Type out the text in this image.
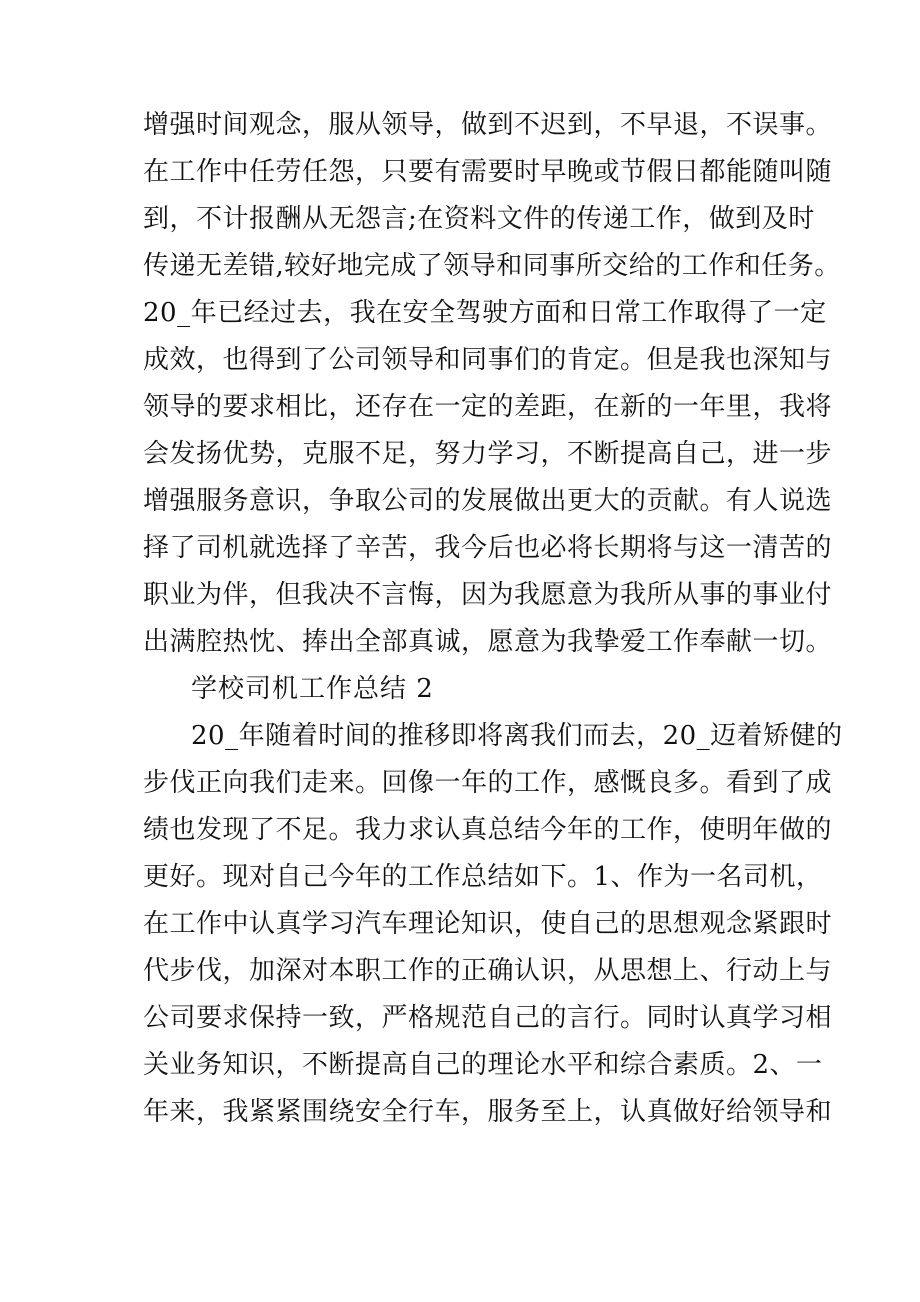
增强时间观念，服从领导，做到不迟到，不早退，不误事。
在工作中任劳任怨，只要有需要时早晚或节假日都能随叫随
到，不计报酬从无怨言;在资料文件的传递工作，做到及时
传递无差错,较好地完成了领导和同事所交给的工作和任务。
20_年已经过去，我在安全驾驶方面和日常工作取得了一定
成效，也得到了公司领导和同事们的肯定。但是我也深知与
领导的要求相比，还存在一定的差距，在新的一年里，我将
会发扬优势，克服不足，努力学习，不断提高自己，进一步
增强服务意识，争取公司的发展做出更大的贡献。有人说选
择了司机就选择了辛苦，我今后也必将长期将与这一清苦的
职业为伴，但我决不言悔，因为我愿意为我所从事的事业付
出满腔热忱、捧出全部真诚，愿意为我挚爱工作奉献一切。
学校司机工作总结 2
20_年随着时间的推移即将离我们而去，20_迈着矫健的
步伐正向我们走来。回像一年的工作，感慨良多。看到了成
绩也发现了不足。我力求认真总结今年的工作，使明年做的
更好。现对自己今年的工作总结如下。1、作为一名司机，
在工作中认真学习汽车理论知识，使自己的思想观念紧跟时
代步伐，加深对本职工作的正确认识，从思想上、行动上与
公司要求保持一致，严格规范自己的言行。同时认真学习相
关业务知识，不断提高自己的理论水平和综合素质。2、一
年来，我紧紧围绕安全行车，服务至上，认真做好给领导和
